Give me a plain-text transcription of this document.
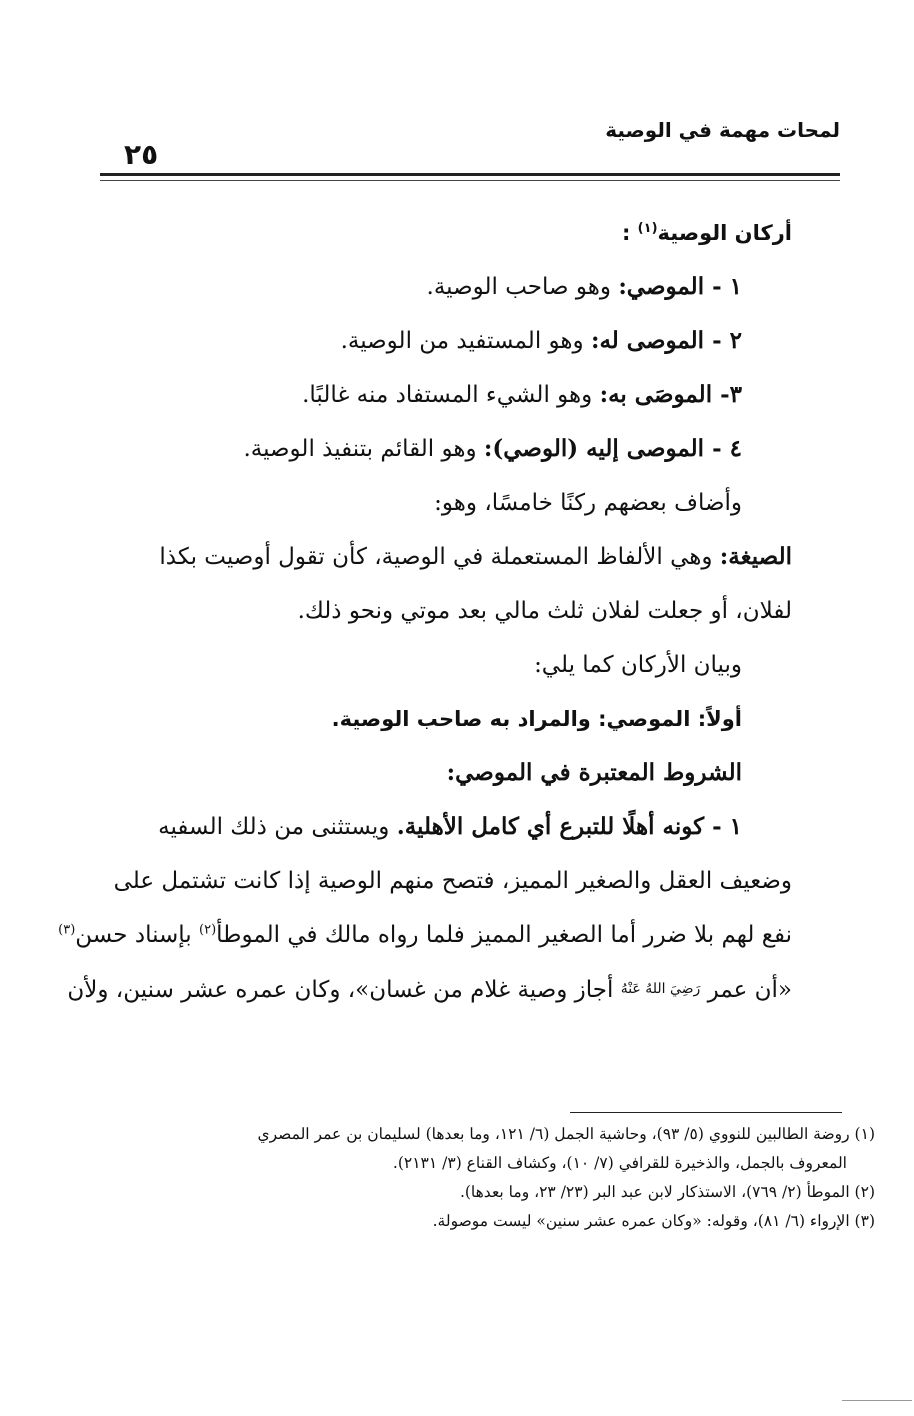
٢٥
لمحات مهمة في الوصية
أركان الوصية$^{(١)}$ :
١ - الموصي: وهو صاحب الوصية.
٢ - الموصى له: وهو المستفيد من الوصية.
٣- الموصَى به: وهو الشيء المستفاد منه غالبًا.
٤ - الموصى إليه (الوصي): وهو القائم بتنفيذ الوصية.
وأضاف بعضهم ركنًا خامسًا، وهو:
الصيغة: وهي الألفاظ المستعملة في الوصية، كأن تقول أوصيت بكذا
لفلان، أو جعلت لفلان ثلث مالي بعد موتي ونحو ذلك.
وبيان الأركان كما يلي:
أولاً: الموصي: والمراد به صاحب الوصية.
الشروط المعتبرة في الموصي:
١ - كونه أهلًا للتبرع أي كامل الأهلية. ويستثنى من ذلك السفيه
وضعيف العقل والصغير المميز، فتصح منهم الوصية إذا كانت تشتمل على
نفع لهم بلا ضرر أما الصغير المميز فلما رواه مالك في الموطأ$^{(٢)}$ بإسناد حسن$^{(٣)}$
«أن عمر رَضِيَ اللهُ عَنْهُ أجاز وصية غلام من غسان»، وكان عمره عشر سنين، ولأن
(١) روضة الطالبين للنووي (٥/ ٩٣)، وحاشية الجمل (٦/ ١٢١، وما بعدها) لسليمان بن عمر المصري
المعروف بالجمل، والذخيرة للقرافي (٧/ ١٠)، وكشاف القناع (٣/ ٢١٣١).
(٢) الموطأ (٢/ ٧٦٩)، الاستذكار لابن عبد البر (٢٣/ ٢٣، وما بعدها).
(٣) الإرواء (٦/ ٨١)، وقوله: «وكان عمره عشر سنين» ليست موصولة.
